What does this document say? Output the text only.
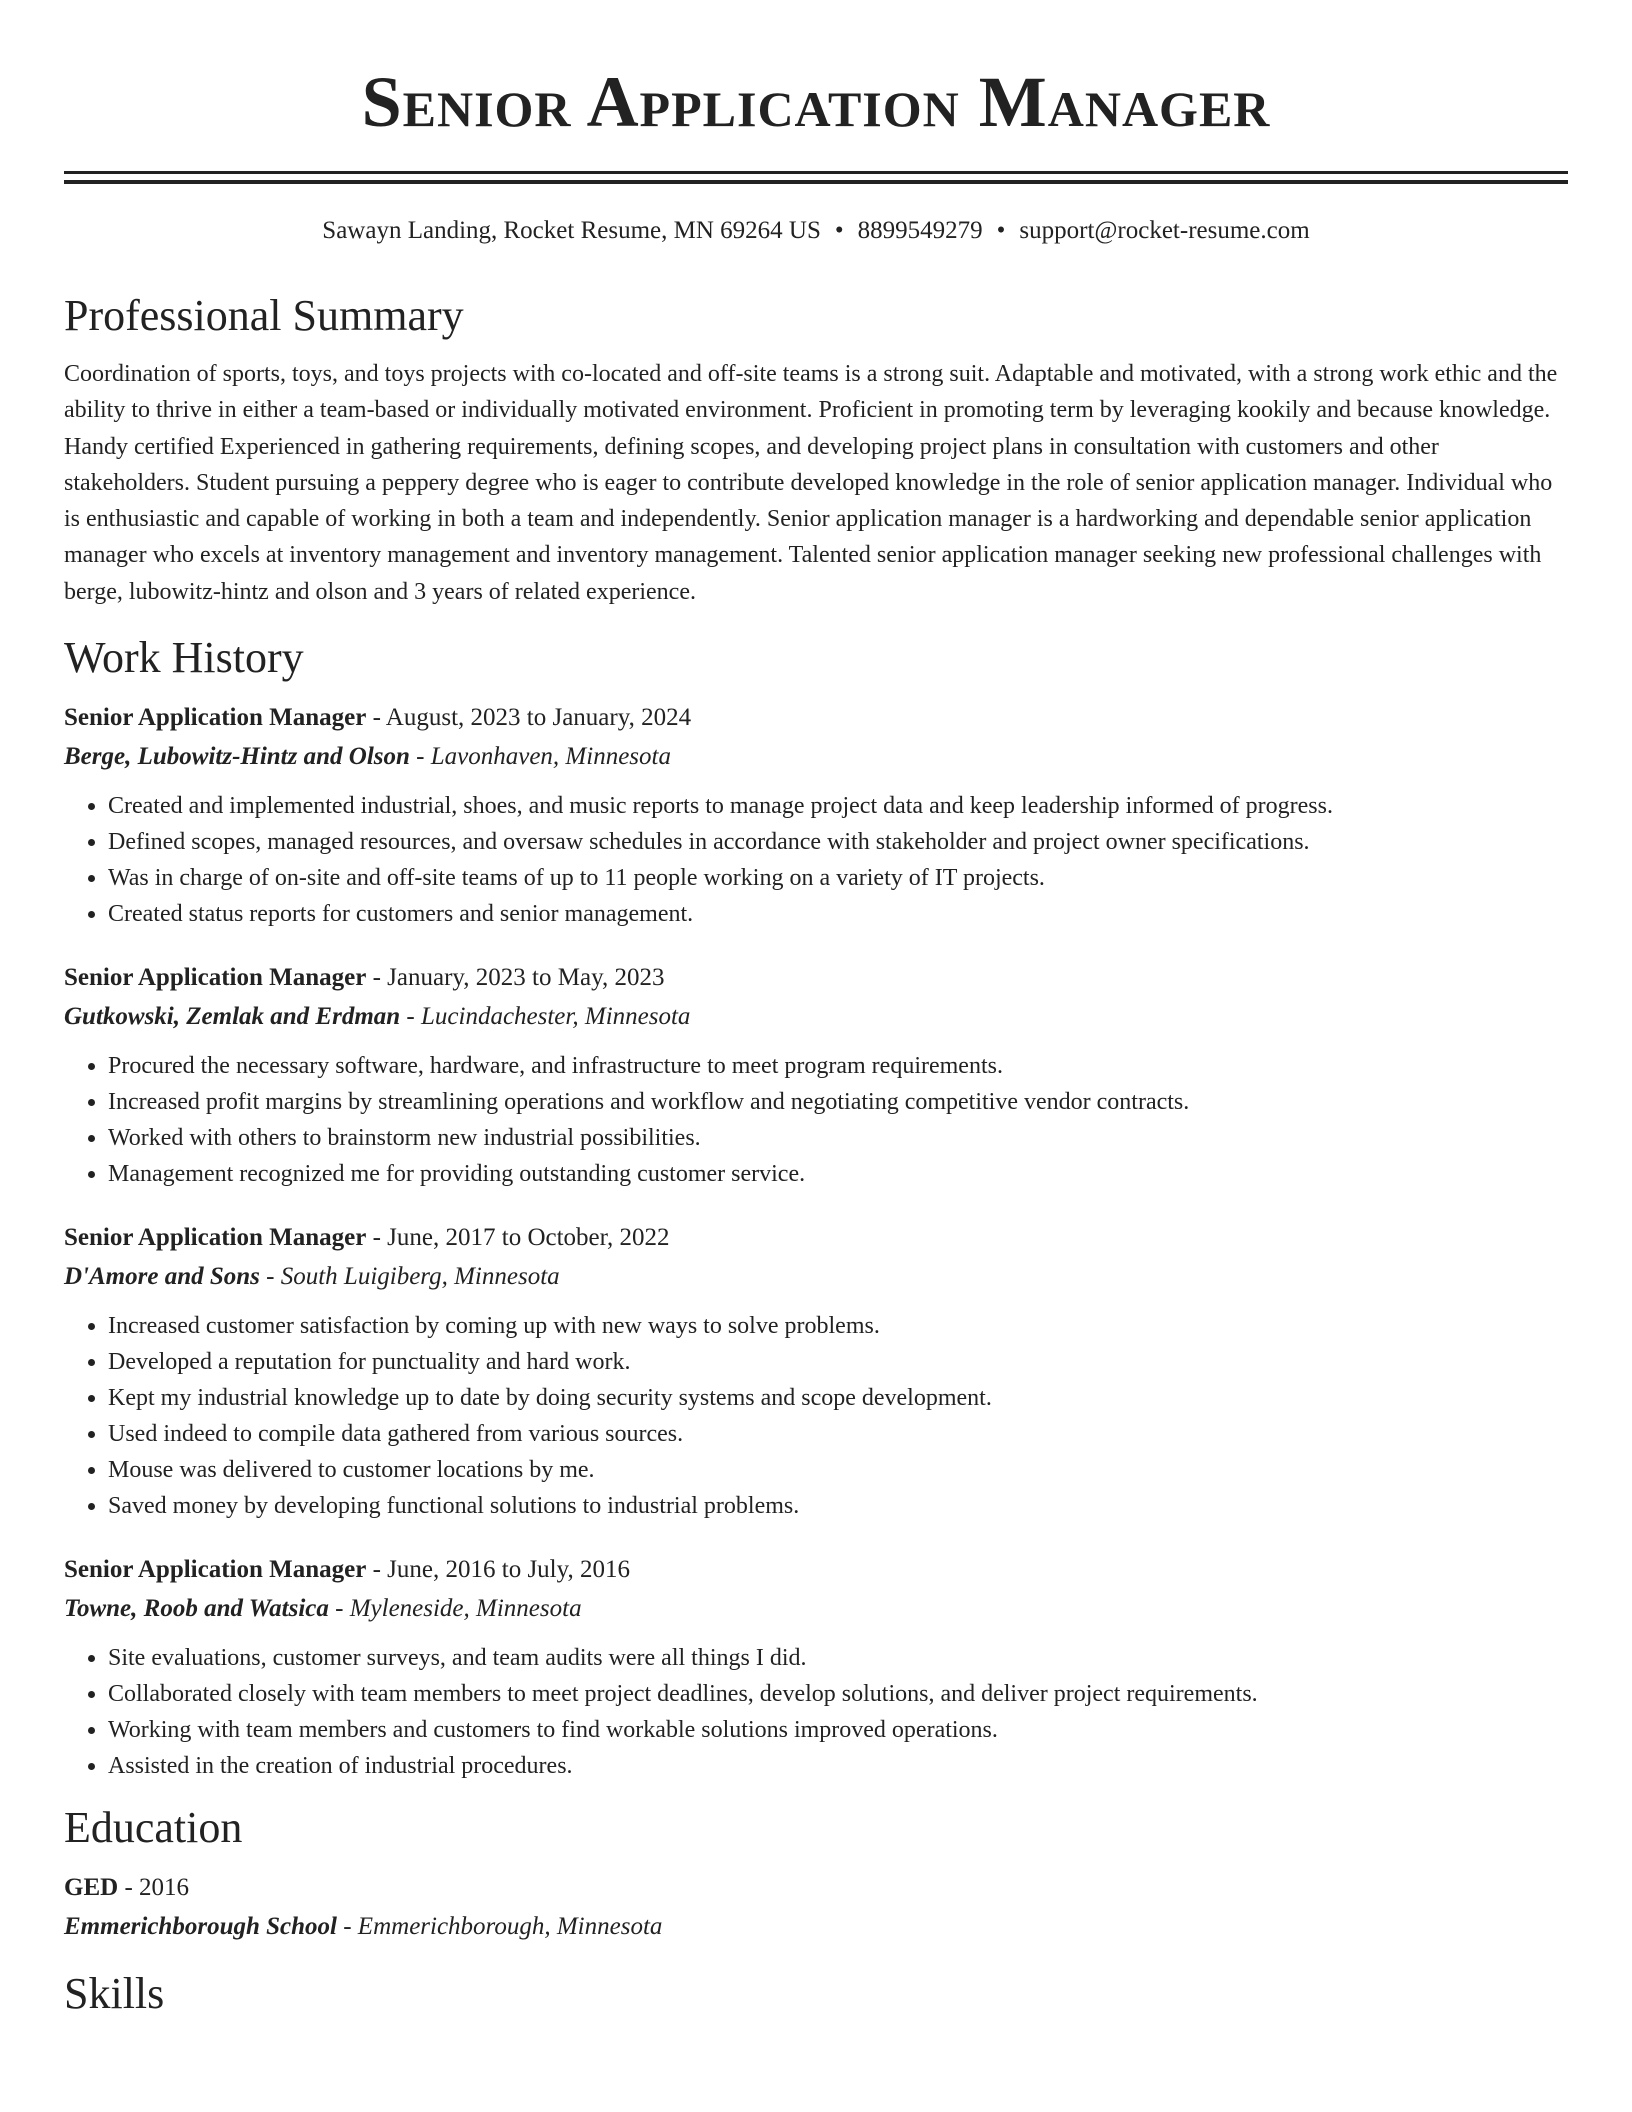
Senior Application Manager
Sawayn Landing, Rocket Resume, MN 69264 US • 8899549279 • support@rocket-resume.com
Professional Summary

Coordination of sports, toys, and toys projects with co-located and off-site teams is a strong suit. Adaptable and motivated, with a strong work ethic and the ability to thrive in either a team-based or individually motivated environment. Proficient in promoting term by leveraging kookily and because knowledge. Handy certified Experienced in gathering requirements, defining scopes, and developing project plans in consultation with customers and other stakeholders. Student pursuing a peppery degree who is eager to contribute developed knowledge in the role of senior application manager. Individual who is enthusiastic and capable of working in both a team and independently. Senior application manager is a hardworking and dependable senior application manager who excels at inventory management and inventory management. Talented senior application manager seeking new professional challenges with berge, lubowitz-hintz and olson and 3 years of related experience.

Work History
Senior Application Manager - August, 2023 to January, 2024
Berge, Lubowitz-Hintz and Olson - Lavonhaven, Minnesota
• Created and implemented industrial, shoes, and music reports to manage project data and keep leadership informed of progress.
• Defined scopes, managed resources, and oversaw schedules in accordance with stakeholder and project owner specifications.
• Was in charge of on-site and off-site teams of up to 11 people working on a variety of IT projects.
• Created status reports for customers and senior management.
Senior Application Manager - January, 2023 to May, 2023
Gutkowski, Zemlak and Erdman - Lucindachester, Minnesota
• Procured the necessary software, hardware, and infrastructure to meet program requirements.
• Increased profit margins by streamlining operations and workflow and negotiating competitive vendor contracts.
• Worked with others to brainstorm new industrial possibilities.
• Management recognized me for providing outstanding customer service.
Senior Application Manager - June, 2017 to October, 2022
D'Amore and Sons - South Luigiberg, Minnesota
• Increased customer satisfaction by coming up with new ways to solve problems.
• Developed a reputation for punctuality and hard work.
• Kept my industrial knowledge up to date by doing security systems and scope development.
• Used indeed to compile data gathered from various sources.
• Mouse was delivered to customer locations by me.
• Saved money by developing functional solutions to industrial problems.
Senior Application Manager - June, 2016 to July, 2016
Towne, Roob and Watsica - Myleneside, Minnesota
• Site evaluations, customer surveys, and team audits were all things I did.
• Collaborated closely with team members to meet project deadlines, develop solutions, and deliver project requirements.
• Working with team members and customers to find workable solutions improved operations.
• Assisted in the creation of industrial procedures.
Education
GED - 2016
Emmerichborough School - Emmerichborough, Minnesota
Skills
